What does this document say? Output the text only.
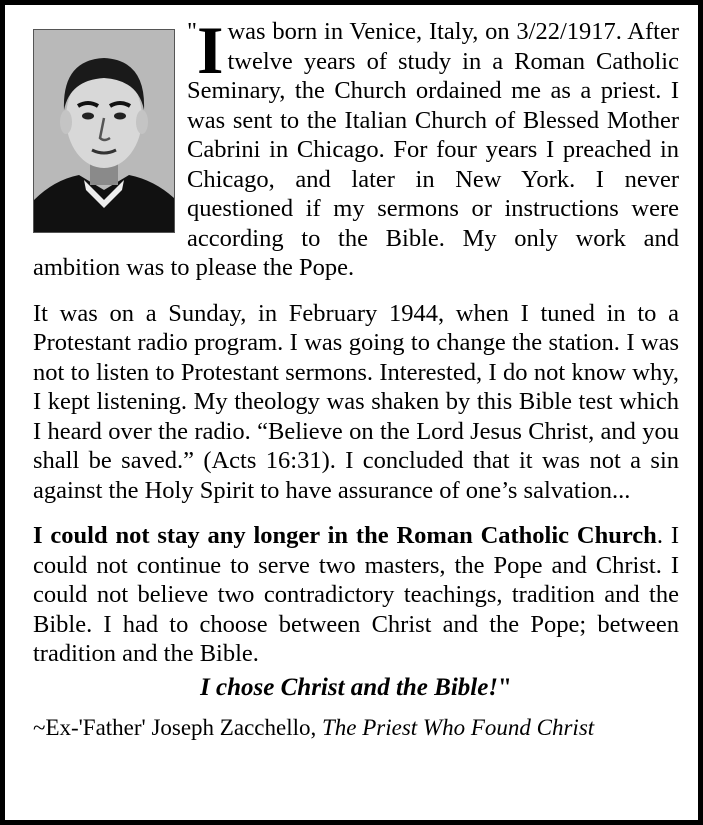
" I was born in Venice, Italy, on 3/22/1917. After twelve years of study in a Roman Catholic Seminary, the Church ordained me as a priest. I was sent to the Italian Church of Blessed Mother Cabrini in Chicago. For four years I preached in Chicago, and later in New York. I never questioned if my sermons or instructions were according to the Bible. My only work and ambition was to please the Pope.

It was on a Sunday, in February 1944, when I tuned in to a Protestant radio program. I was going to change the station. I was not to listen to Protestant sermons. Interested, I do not know why, I kept listening. My theology was shaken by this Bible test which I heard over the radio. “Believe on the Lord Jesus Christ, and you shall be saved.” (Acts 16:31). I concluded that it was not a sin against the Holy Spirit to have assurance of one’s salvation...

I could not stay any longer in the Roman Catholic Church. I could not continue to serve two masters, the Pope and Christ. I could not believe two contradictory teachings, tradition and the Bible. I had to choose between Christ and the Pope; between tradition and the Bible.

I chose Christ and the Bible!"

~Ex-'Father' Joseph Zacchello, The Priest Who Found Christ
